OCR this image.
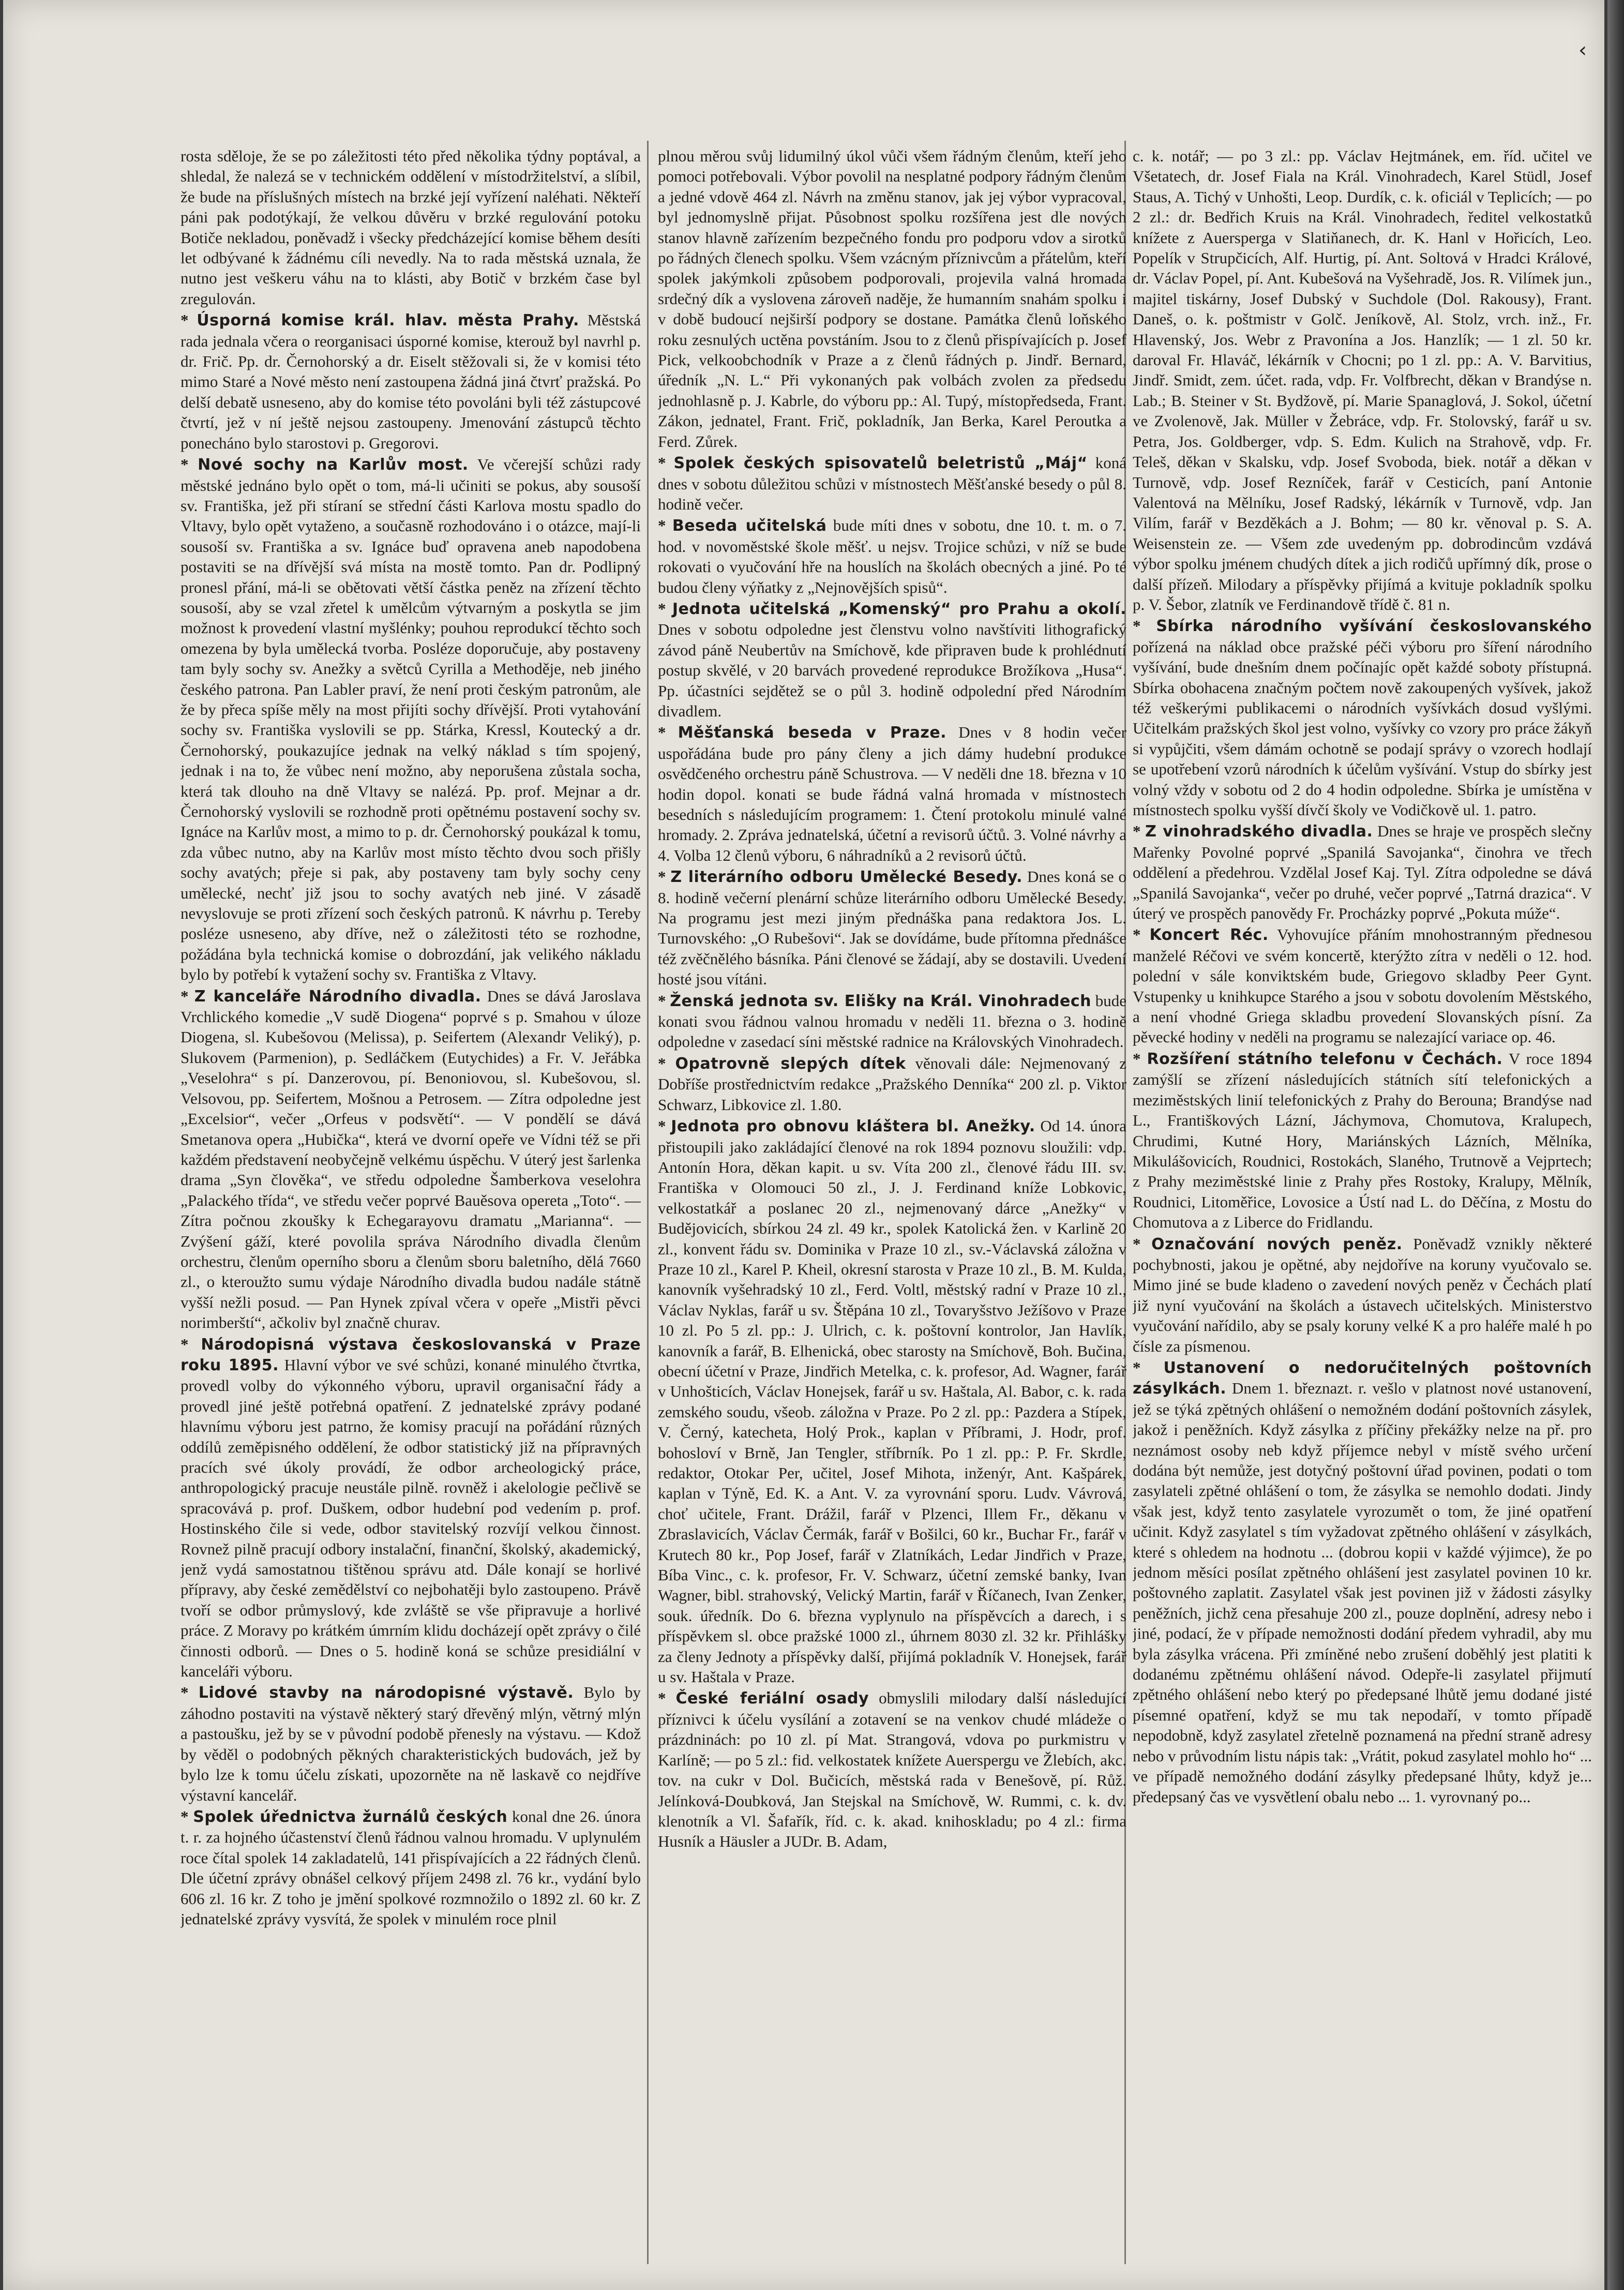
‹

rosta sděloje, že se po záležitosti této před několika týdny poptával, a shledal, že nalezá se v technickém oddělení v místodržitelství, a slíbil, že bude na příslušných místech na brzké její vyřízení naléhati. Někteří páni pak podotýkají, že velkou důvěru v brzké regulování potoku Botiče nekladou, poněvadž i všecky předcházející komise během desíti let odbývané k žádnému cíli nevedly. Na to rada městská uznala, že nutno jest veškeru váhu na to klásti, aby Botič v brzkém čase byl zregulován.

* Úsporná komise král. hlav. města Prahy. Městská rada jednala včera o reorganisaci úsporné komise, kterouž byl navrhl p. dr. Frič. Pp. dr. Černohorský a dr. Eiselt stěžovali si, že v komisi této mimo Staré a Nové město není zastoupena žádná jiná čtvrť pražská. Po delší debatě usneseno, aby do komise této povoláni byli též zástupcové čtvrtí, jež v ní ještě nejsou zastoupeny. Jmenování zástupců těchto ponecháno bylo starostovi p. Gregorovi.

* Nové sochy na Karlův most. Ve včerejší schůzi rady městské jednáno bylo opět o tom, má-li učiniti se pokus, aby sousoší sv. Františka, jež při stíraní se střední části Karlova mostu spadlo do Vltavy, bylo opět vytaženo, a současně rozhodováno i o otázce, mají-li sousoší sv. Františka a sv. Ignáce buď opravena aneb napodobena postaviti se na dřívější svá místa na mostě tomto. Pan dr. Podlipný pronesl přání, má-li se obětovati větší částka peněz na zřízení těchto sousoší, aby se vzal zřetel k umělcům výtvarným a poskytla se jim možnost k provedení vlastní myšlénky; pouhou reprodukcí těchto soch omezena by byla umělecká tvorba. Posléze doporučuje, aby postaveny tam byly sochy sv. Anežky a světců Cyrilla a Methoděje, neb jiného českého patrona. Pan Labler praví, že není proti českým patronům, ale že by přeca spíše měly na most přijíti sochy dřívější. Proti vytahování sochy sv. Františka vyslovili se pp. Stárka, Kressl, Koutecký a dr. Černohorský, poukazujíce jednak na velký náklad s tím spojený, jednak i na to, že vůbec není možno, aby neporušena zůstala socha, která tak dlouho na dně Vltavy se nalézá. Pp. prof. Mejnar a dr. Černohorský vyslovili se rozhodně proti opětnému postavení sochy sv. Ignáce na Karlův most, a mimo to p. dr. Černohorský poukázal k tomu, zda vůbec nutno, aby na Karlův most místo těchto dvou soch přišly sochy avatých; přeje si pak, aby postaveny tam byly sochy ceny umělecké, nechť již jsou to sochy avatých neb jiné. V zásadě nevyslovuje se proti zřízení soch českých patronů. K návrhu p. Tereby posléze usneseno, aby dříve, než o záležitosti této se rozhodne, požádána byla technická komise o dobrozdání, jak velikého nákladu bylo by potřebí k vytažení sochy sv. Františka z Vltavy.

* Z kanceláře Národního divadla. Dnes se dává Jaroslava Vrchlického komedie „V sudě Diogena“ poprvé s p. Smahou v úloze Diogena, sl. Kubešovou (Melissa), p. Seifertem (Alexandr Veliký), p. Slukovem (Parmenion), p. Sedláčkem (Eutychides) a Fr. V. Jeřábka „Veselohra“ s pí. Danzerovou, pí. Benoniovou, sl. Kubešovou, sl. Velsovou, pp. Seifertem, Mošnou a Petrosem. — Zítra odpoledne jest „Excelsior“, večer „Orfeus v podsvětí“. — V pondělí se dává Smetanova opera „Hubička“, která ve dvorní opeře ve Vídni též se při každém představení neobyčejně velkému úspěchu. V úterý jest šarlenka drama „Syn člověka“, ve středu odpoledne Šamberkova veselohra „Palackého třída“, ve středu večer poprvé Bauěsova opereta „Toto“. — Zítra počnou zkoušky k Echegarayovu dramatu „Marianna“. — Zvýšení gáží, které povolila správa Národního divadla členům orchestru, členům operního sboru a členům sboru baletního, dělá 7660 zl., o kteroužto sumu výdaje Národního divadla budou nadále státně vyšší nežli posud. — Pan Hynek zpíval včera v opeře „Mistři pěvci norimberští“, ačkoliv byl značně churav.

* Národopisná výstava českoslovanská v Praze roku 1895. Hlavní výbor ve své schůzi, konané minulého čtvrtka, provedl volby do výkonného výboru, upravil organisační řády a provedl jiné ještě potřebná opatření. Z jednatelské zprávy podané hlavnímu výboru jest patrno, že komisy pracují na pořádání různých oddílů zeměpisného oddělení, že odbor statistický již na přípravných pracích své úkoly provádí, že odbor archeologický práce, anthropologický pracuje neustále pilně. rovněž i akelologie pečlivě se spracovává p. prof. Duškem, odbor hudební pod vedením p. prof. Hostinského čile si vede, odbor stavitelský rozvíjí velkou činnost. Rovnež pilně pracují odbory instalační, finanční, školský, akademický, jenž vydá samostatnou tištěnou správu atd. Dále konají se horlivé přípravy, aby české zemědělství co nejbohatěji bylo zastoupeno. Právě tvoří se odbor průmyslový, kde zvláště se vše připravuje a horlivé práce. Z Moravy po krátkém úmrním klidu docházejí opět zprávy o čilé činnosti odborů. — Dnes o 5. hodině koná se schůze presidiální v kanceláři výboru.

* Lidové stavby na národopisné výstavě. Bylo by záhodno postaviti na výstavě některý starý dřevěný mlýn, větrný mlýn a pastoušku, jež by se v původní podobě přenesly na výstavu. — Kdož by věděl o podobných pěkných charakteristických budovách, jež by bylo lze k tomu účelu získati, upozorněte na ně laskavě co nejdříve výstavní kancelář.

* Spolek úřednictva žurnálů českých konal dne 26. února t. r. za hojného účastenství členů řádnou valnou hromadu. V uplynulém roce čítal spolek 14 zakladatelů, 141 přispívajících a 22 řádných členů. Dle účetní zprávy obnášel celkový příjem 2498 zl. 76 kr., vydání bylo 606 zl. 16 kr. Z toho je jmění spolkové rozmnožilo o 1892 zl. 60 kr. Z jednatelské zprávy vysvítá, že spolek v minulém roce plnil

plnou měrou svůj lidumilný úkol vůči všem řádným členům, kteří jeho pomoci potřebovali. Výbor povolil na nesplatné podpory řádným členům a jedné vdově 464 zl. Návrh na změnu stanov, jak jej výbor vypracoval, byl jednomyslně přijat. Působnost spolku rozšířena jest dle nových stanov hlavně zařízením bezpečného fondu pro podporu vdov a sirotků po řádných členech spolku. Všem vzácným příznivcům a přátelům, kteří spolek jakýmkoli způsobem podporovali, projevila valná hromada srdečný dík a vyslovena zároveň naděje, že humanním snahám spolku i v době budoucí nejširší podpory se dostane. Památka členů loňského roku zesnulých uctěna povstáním. Jsou to z členů přispívajících p. Josef Pick, velkoobchodník v Praze a z členů řádných p. Jindř. Bernard, úředník „N. L.“ Při vykonaných pak volbách zvolen za předsedu jednohlasně p. J. Kabrle, do výboru pp.: Al. Tupý, místopředseda, Frant. Zákon, jednatel, Frant. Frič, pokladník, Jan Berka, Karel Peroutka a Ferd. Zůrek.

* Spolek českých spisovatelů beletristů „Máj“ koná dnes v sobotu důležitou schůzi v místnostech Měšťanské besedy o půl 8. hodině večer.

* Beseda učitelská bude míti dnes v sobotu, dne 10. t. m. o 7. hod. v novoměstské škole měšť. u nejsv. Trojice schůzi, v níž se bude rokovati o vyučování hře na houslích na školách obecných a jiné. Po té budou členy výňatky z „Nejnovějších spisů“.

* Jednota učitelská „Komenský“ pro Prahu a okolí. Dnes v sobotu odpoledne jest členstvu volno navštíviti lithografický závod páně Neubertův na Smíchově, kde připraven bude k prohlédnutí postup skvělé, v 20 barvách provedené reprodukce Brožíkova „Husa“. Pp. účastníci sejdětež se o půl 3. hodině odpolední před Národním divadlem.

* Měšťanská beseda v Praze. Dnes v 8 hodin večer uspořádána bude pro pány členy a jich dámy hudební produkce osvědčeného orchestru páně Schustrova. — V neděli dne 18. března v 10 hodin dopol. konati se bude řádná valná hromada v místnostech besedních s následujícím programem: 1. Čtení protokolu minulé valné hromady. 2. Zpráva jednatelská, účetní a revisorů účtů. 3. Volné návrhy a 4. Volba 12 členů výboru, 6 náhradníků a 2 revisorů účtů.

* Z literárního odboru Umělecké Besedy. Dnes koná se o 8. hodině večerní plenární schůze literárního odboru Umělecké Besedy. Na programu jest mezi jiným přednáška pana redaktora Jos. L. Turnovského: „O Rubešovi“. Jak se dovídáme, bude přítomna přednášce též zvěčnělého básníka. Páni členové se žádají, aby se dostavili. Uvedení hosté jsou vítáni.

* Ženská jednota sv. Elišky na Král. Vinohradech bude konati svou řádnou valnou hromadu v neděli 11. března o 3. hodině odpoledne v zasedací síni městské radnice na Královských Vinohradech.

* Opatrovně slepých dítek věnovali dále: Nejmenovaný z Dobříše prostřednictvím redakce „Pražského Denníka“ 200 zl. p. Viktor Schwarz, Libkovice zl. 1.80.

* Jednota pro obnovu kláštera bl. Anežky. Od 14. února přistoupili jako zakládající členové na rok 1894 poznovu sloužili: vdp. Antonín Hora, děkan kapit. u sv. Víta 200 zl., členové řádu III. sv. Františka v Olomouci 50 zl., J. J. Ferdinand kníže Lobkovic, velkostatkář a poslanec 20 zl., nejmenovaný dárce „Anežky“ v Budějovicích, sbírkou 24 zl. 49 kr., spolek Katolická žen. v Karlině 20 zl., konvent řádu sv. Dominika v Praze 10 zl., sv.-Václavská záložna v Praze 10 zl., Karel P. Kheil, okresní starosta v Praze 10 zl., B. M. Kulda, kanovník vyšehradský 10 zl., Ferd. Voltl, městský radní v Praze 10 zl., Václav Nyklas, farář u sv. Štěpána 10 zl., Tovaryšstvo Ježíšovo v Praze 10 zl. Po 5 zl. pp.: J. Ulrich, c. k. poštovní kontrolor, Jan Havlík, kanovník a farář, B. Elhenická, obec starosty na Smíchově, Boh. Bučina, obecní účetní v Praze, Jindřich Metelka, c. k. profesor, Ad. Wagner, farář v Unhošticích, Václav Honejsek, farář u sv. Haštala, Al. Babor, c. k. rada zemského soudu, všeob. záložna v Praze. Po 2 zl. pp.: Pazdera a Stípek, V. Černý, katecheta, Holý Prok., kaplan v Příbrami, J. Hodr, prof. bohosloví v Brně, Jan Tengler, stříbrník. Po 1 zl. pp.: P. Fr. Skrdle, redaktor, Otokar Per, učitel, Josef Mihota, inženýr, Ant. Kašpárek, kaplan v Týně, Ed. K. a Ant. V. za vyrovnání sporu. Ludv. Vávrová, choť učitele, Frant. Drážil, farář v Plzenci, Illem Fr., děkanu v Zbraslavicích, Václav Čermák, farář v Bošilci, 60 kr., Buchar Fr., farář v Krutech 80 kr., Pop Josef, farář v Zlatníkách, Ledar Jindřich v Praze, Bíba Vinc., c. k. profesor, Fr. V. Schwarz, účetní zemské banky, Ivan Wagner, bibl. strahovský, Velický Martin, farář v Říčanech, Ivan Zenker, souk. úředník. Do 6. března vyplynulo na příspěvcích a darech, i s příspěvkem sl. obce pražské 1000 zl., úhrnem 8030 zl. 32 kr. Přihlášky za členy Jednoty a příspěvky další, přijímá pokladník V. Honejsek, farář u sv. Haštala v Praze.

* České feriální osady obmyslili milodary další následující příznivci k účelu vysílání a zotavení se na venkov chudé mládeže o prázdninách: po 10 zl. pí Mat. Strangová, vdova po purkmistru v Karlíně; — po 5 zl.: fid. velkostatek knížete Auerspergu ve Žlebích, akc. tov. na cukr v Dol. Bučicích, městská rada v Benešově, pí. Růž. Jelínková-Doubková, Jan Stejskal na Smíchově, W. Rummi, c. k. dv. klenotník a Vl. Šafařík, říd. c. k. akad. knihoskladu; po 4 zl.: firma Husník a Häusler a JUDr. B. Adam,

c. k. notář; — po 3 zl.: pp. Václav Hejtmánek, em. říd. učitel ve Všetatech, dr. Josef Fiala na Král. Vinohradech, Karel Stüdl, Josef Staus, A. Tichý v Unhošti, Leop. Durdík, c. k. oficiál v Teplicích; — po 2 zl.: dr. Bedřich Kruis na Král. Vinohradech, ředitel velkostatků knížete z Auersperga v Slatiňanech, dr. K. Hanl v Hořicích, Leo. Popelík v Strupčicích, Alf. Hurtig, pí. Ant. Soltová v Hradci Králové, dr. Václav Popel, pí. Ant. Kubešová na Vyšehradě, Jos. R. Vilímek jun., majitel tiskárny, Josef Dubský v Suchdole (Dol. Rakousy), Frant. Daneš, o. k. poštmistr v Golč. Jeníkově, Al. Stolz, vrch. inž., Fr. Hlavenský, Jos. Webr z Pravonína a Jos. Hanzlík; — 1 zl. 50 kr. daroval Fr. Hlaváč, lékárník v Chocni; po 1 zl. pp.: A. V. Barvitius, Jindř. Smidt, zem. účet. rada, vdp. Fr. Volfbrecht, děkan v Brandýse n. Lab.; B. Steiner v St. Bydžově, pí. Marie Spanaglová, J. Sokol, účetní ve Zvolenově, Jak. Müller v Žebráce, vdp. Fr. Stolovský, farář u sv. Petra, Jos. Goldberger, vdp. S. Edm. Kulich na Strahově, vdp. Fr. Teleš, děkan v Skalsku, vdp. Josef Svoboda, biek. notář a děkan v Turnově, vdp. Josef Rezníček, farář v Cesticích, paní Antonie Valentová na Mělníku, Josef Radský, lékárník v Turnově, vdp. Jan Vilím, farář v Bezděkách a J. Bohm; — 80 kr. věnoval p. S. A. Weisenstein ze. — Všem zde uvedeným pp. dobrodincům vzdává výbor spolku jménem chudých dítek a jich rodičů upřímný dík, prose o další přízeň. Milodary a příspěvky přijímá a kvituje pokladník spolku p. V. Šebor, zlatník ve Ferdinandově třídě č. 81 n.

* Sbírka národního vyšívání českoslovanského pořízená na náklad obce pražské péči výboru pro šíření národního vyšívání, bude dnešním dnem počínajíc opět každé soboty přístupná. Sbírka obohacena značným počtem nově zakoupených vyšívek, jakož též veškerými publikacemi o národních vyšívkách dosud vyšlými. Učitelkám pražských škol jest volno, vyšívky co vzory pro práce žákyň si vypůjčiti, všem dámám ochotně se podají správy o vzorech hodlají se upotřebení vzorů národních k účelům vyšívání. Vstup do sbírky jest volný vždy v sobotu od 2 do 4 hodin odpoledne. Sbírka je umístěna v místnostech spolku vyšší dívčí školy ve Vodičkově ul. 1. patro.

* Z vinohradského divadla. Dnes se hraje ve prospěch slečny Mařenky Povolné poprvé „Spanilá Savojanka“, činohra ve třech oddělení a předehrou. Vzdělal Josef Kaj. Tyl. Zítra odpoledne se dává „Spanilá Savojanka“, večer po druhé, večer poprvé „Tatrná drazica“. V úterý ve prospěch panovědy Fr. Procházky poprvé „Pokuta múže“.

* Koncert Réc. Vyhovujíce přáním mnohostranným přednesou manželé Réčovi ve svém koncertě, kterýžto zítra v neděli o 12. hod. polední v sále konviktském bude, Griegovo skladby Peer Gynt. Vstupenky u knihkupce Starého a jsou v sobotu dovolením Městského, a není vhodné Griega skladbu provedení Slovanských písní. Za pěvecké hodiny v neděli na programu se nalezající variace op. 46.

* Rozšíření státního telefonu v Čechách. V roce 1894 zamýšlí se zřízení následujících státních sítí telefonických a meziměstských linií telefonických z Prahy do Berouna; Brandýse nad L., Františkových Lázní, Jáchymova, Chomutova, Kralupech, Chrudimi, Kutné Hory, Mariánských Lázních, Mělníka, Mikulášovicích, Roudnici, Rostokách, Slaného, Trutnově a Vejprtech; z Prahy meziměstské linie z Prahy přes Rostoky, Kralupy, Mělník, Roudnici, Litoměřice, Lovosice a Ústí nad L. do Děčína, z Mostu do Chomutova a z Liberce do Fridlandu.

* Označování nových peněz. Poněvadž vznikly některé pochybnosti, jakou je opětné, aby nejdoříve na koruny vyučovalo se. Mimo jiné se bude kladeno o zavedení nových peněz v Čechách platí již nyní vyučování na školách a ústavech učitelských. Ministerstvo vyučování nařídilo, aby se psaly koruny velké K a pro haléře malé h po čísle za písmenou.

* Ustanovení o nedoručitelných poštovních zásylkách. Dnem 1. březnazt. r. vešlo v platnost nové ustanovení, jež se týká zpětných ohlášení o nemožném dodání poštovních zásylek, jakož i peněžních. Když zásylka z příčiny překážky nelze na př. pro neznámost osoby neb když příjemce nebyl v místě svého určení dodána být nemůže, jest dotyčný poštovní úřad povinen, podati o tom zasylateli zpětné ohlášení o tom, že zásylka se nemohlo dodati. Jindy však jest, když tento zasylatele vyrozumět o tom, že jiné opatření učinit. Když zasylatel s tím vyžadovat zpětného ohlášení v zásylkách, které s ohledem na hodnotu ... (dobrou kopii v každé výjimce), že po jednom měsíci posílat zpětného ohlášení jest zasylatel povinen 10 kr. poštovného zaplatit. Zasylatel však jest povinen již v žádosti zásylky peněžních, jichž cena přesahuje 200 zl., pouze doplnění, adresy nebo i jiné, podací, že v případe nemožnosti dodání předem vyhradil, aby mu byla zásylka vrácena. Při zmíněné nebo zrušení doběhlý jest platiti k dodanému zpětnému ohlášení návod. Odepře-li zasylatel přijmutí zpětného ohlášení nebo který po předepsané lhůtě jemu dodané jisté písemné opatření, když se mu tak nepodaří, v tomto případě nepodobně, když zasylatel zřetelně poznamená na přední straně adresy nebo v průvodním listu nápis tak: „Vrátit, pokud zasylatel mohlo ho“ ... ve případě nemožného dodání zásylky předepsané lhůty, když je... předepsaný čas ve vysvětlení obalu nebo ... 1. vyrovnaný po...
